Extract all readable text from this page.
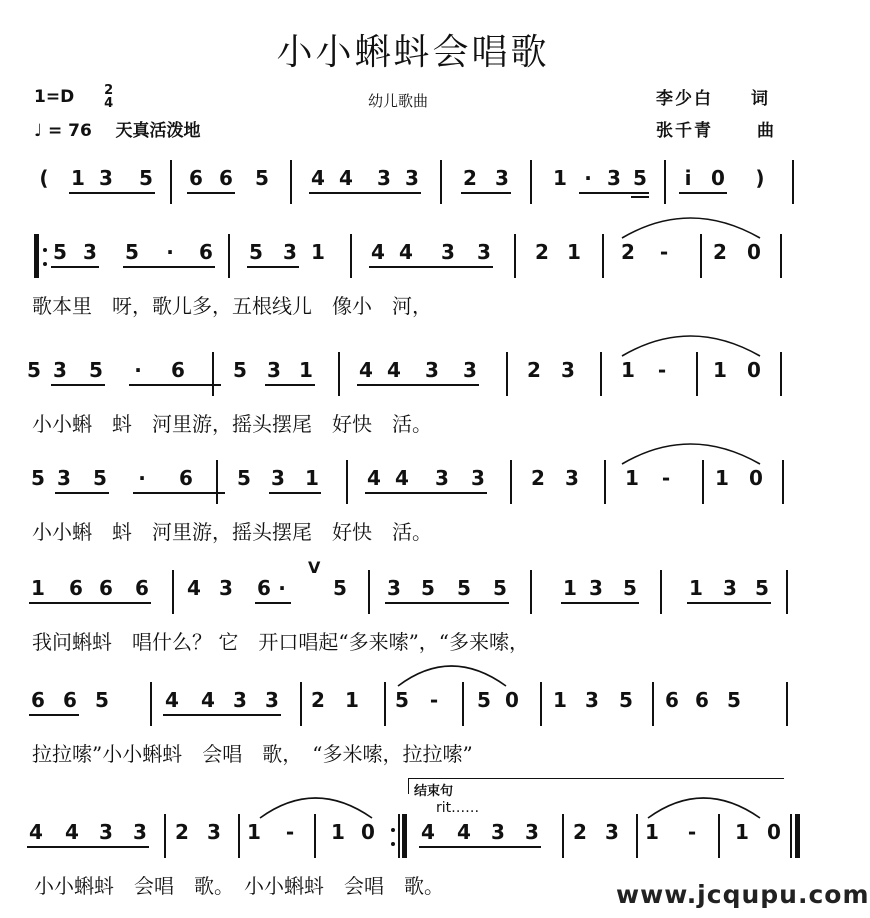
小小蝌蚪会唱歌
1=D 2
4
♩ = 76 天真活泼地
幼儿歌曲	李少白 词
张千青	曲
( 1 3 5 6 6 5 4 4 3 3 2 3 1 · 3 5 i 0 )
5 3 5 · 6 5 3 1 4 4 3 3 2 1 2 - 2 0
歌本里　呀，歌儿多，五根线儿　像小　河，
5 3 5 · 6 5 3 1 4 4 3 3	2 3 1 - 1 0
小小蝌　蚪　河里游，摇头摆尾　好快　活。
5 3 5 · 6 5 3 1 4 4 3 3 2 3 1 - 1 0
小小蝌　蚪　河里游，摇头摆尾　好快　活。
1 6 6 6 4 3 6 · 5 3 5 5 5	1 3 5	1 3 5
我问蝌蚪　唱什么？ 它　开口唱起“多来嗦”，“多来嗦，
6 6 5	4 4 3 3 2 1 5 - 5 0 1 3 5 6 6 5
拉拉嗦”小小蝌蚪　会唱　歌，　“多米嗦，拉拉嗦”
4 4 3 3 2 3 1 - 1 0 4 4 3 3 2 3 1 - 1 0
小小蝌蚪　会唱　歌。　小小蝌蚪　会唱　歌。
结束句
rit……
www.jcqupu.com
V
